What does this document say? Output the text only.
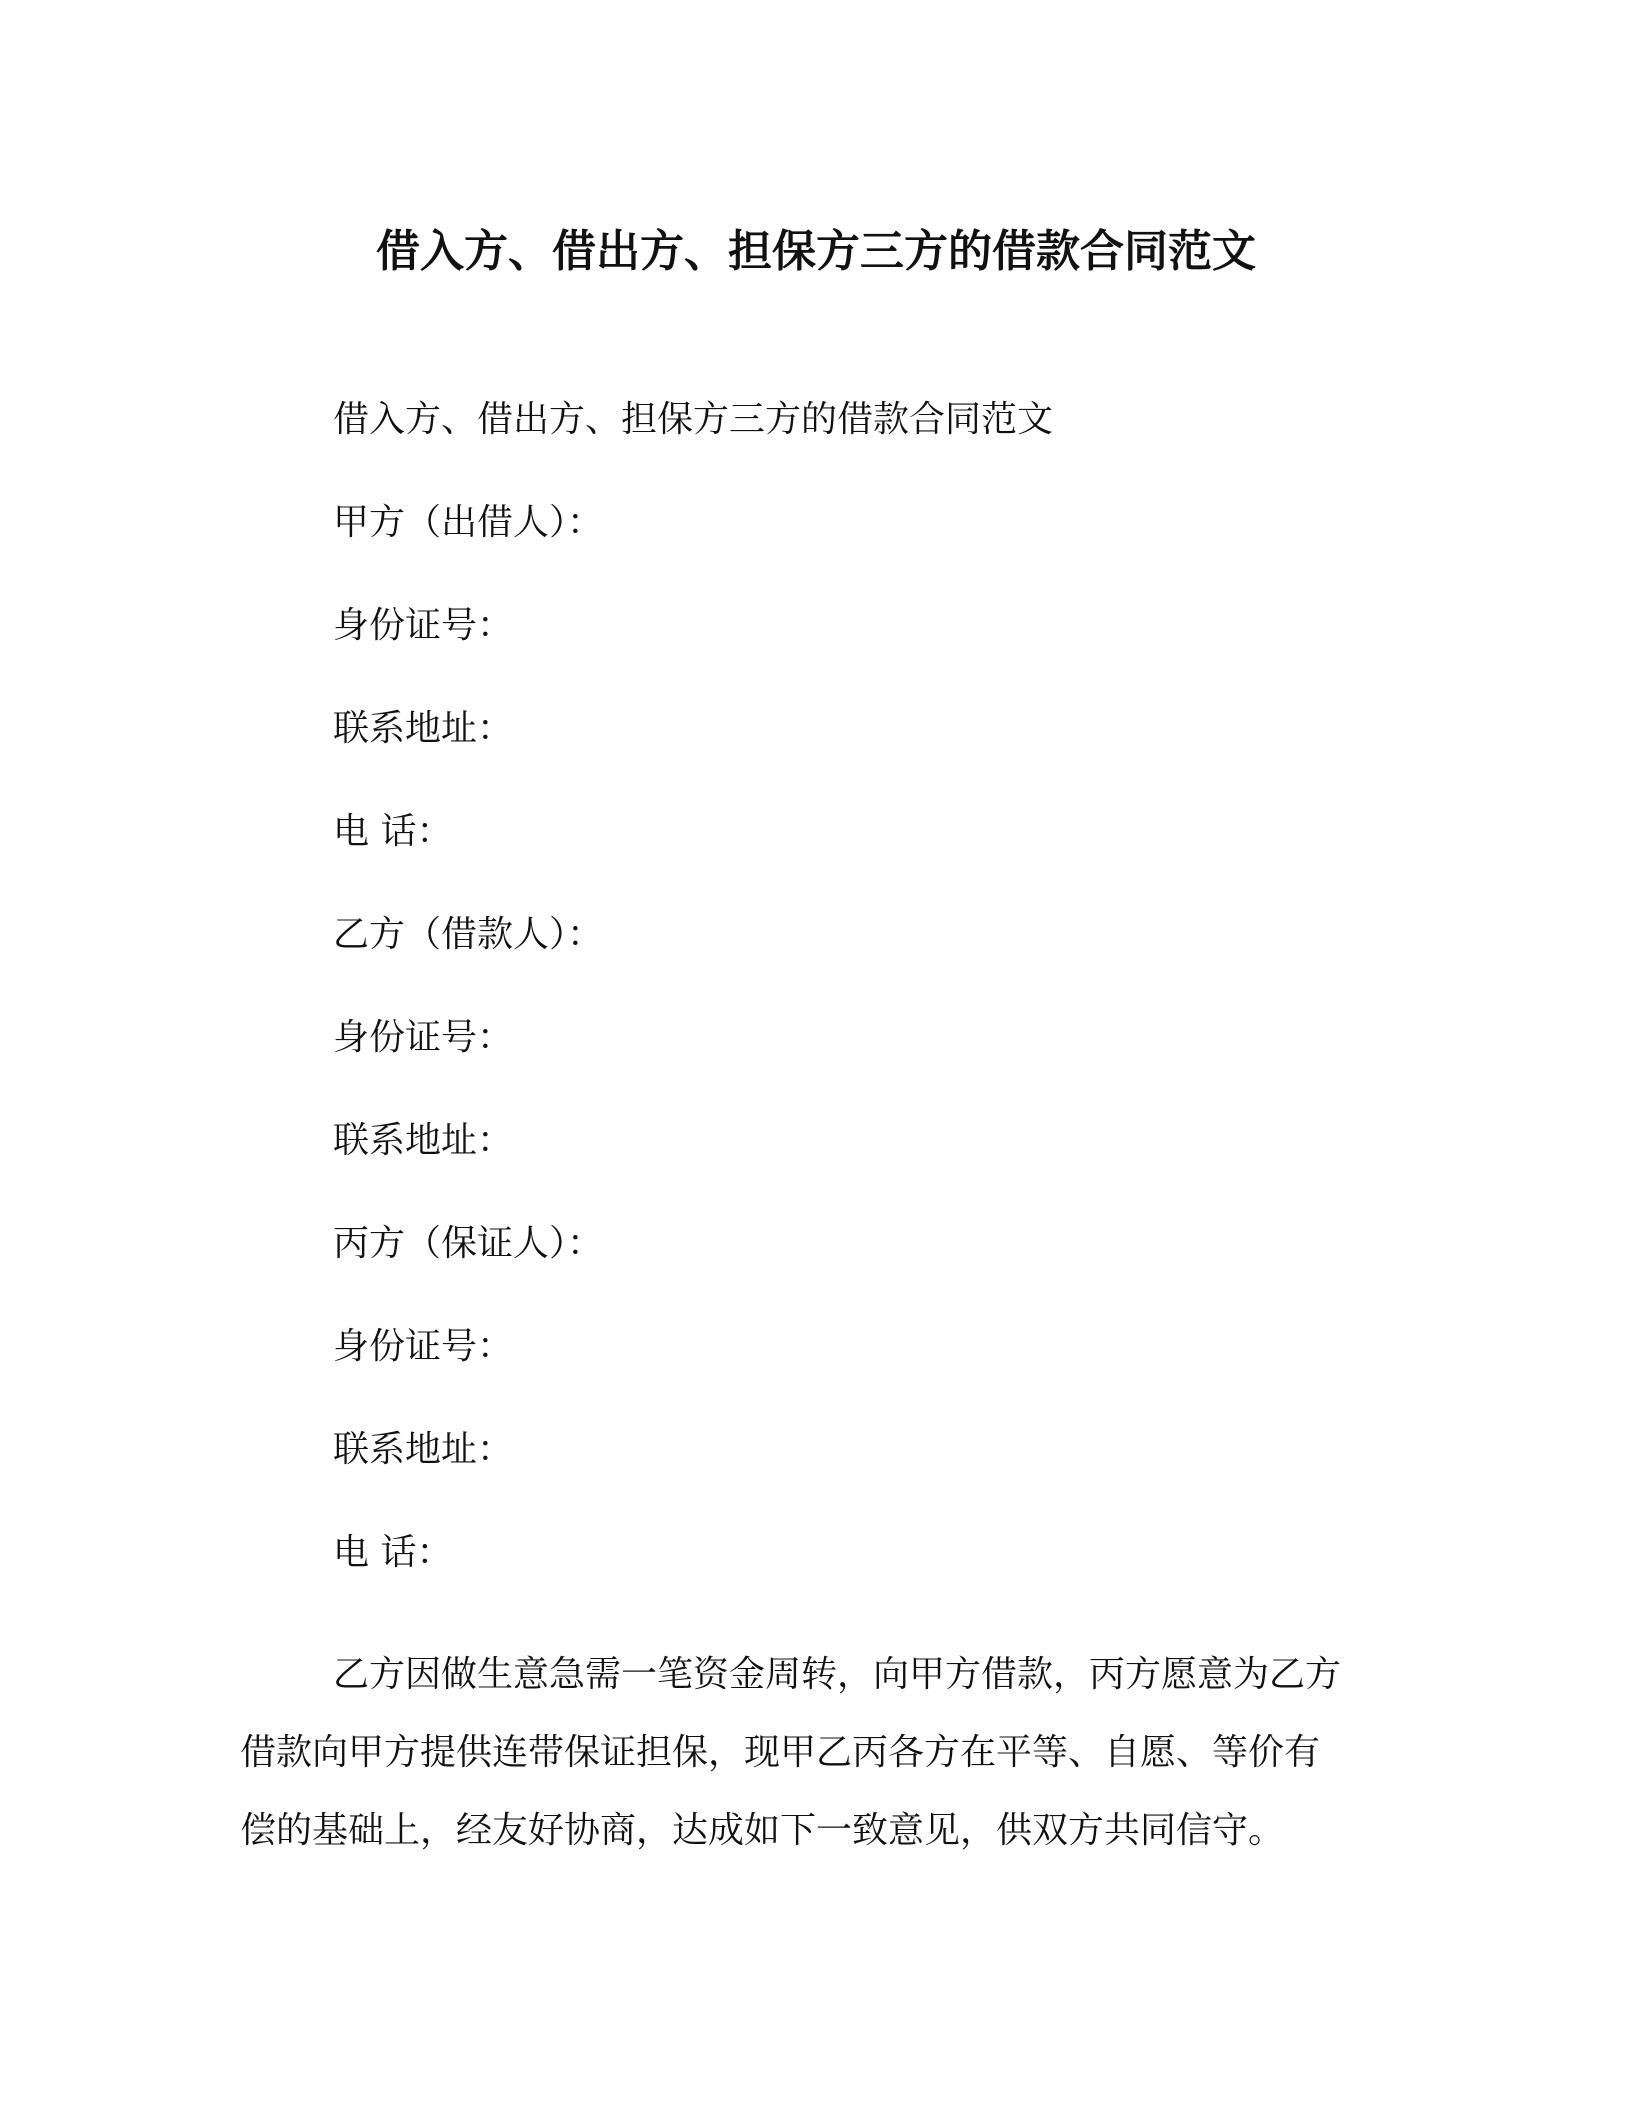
借入方、借出方、担保方三方的借款合同范文
借入方、借出方、担保方三方的借款合同范文
甲方（出借人）：
身份证号：
联系地址：
电 话：
乙方（借款人）：
身份证号：
联系地址：
丙方（保证人）：
身份证号：
联系地址：
电 话：
乙方因做生意急需一笔资金周转，向甲方借款，丙方愿意为乙方
借款向甲方提供连带保证担保，现甲乙丙各方在平等、自愿、等价有
偿的基础上，经友好协商，达成如下一致意见，供双方共同信守。
